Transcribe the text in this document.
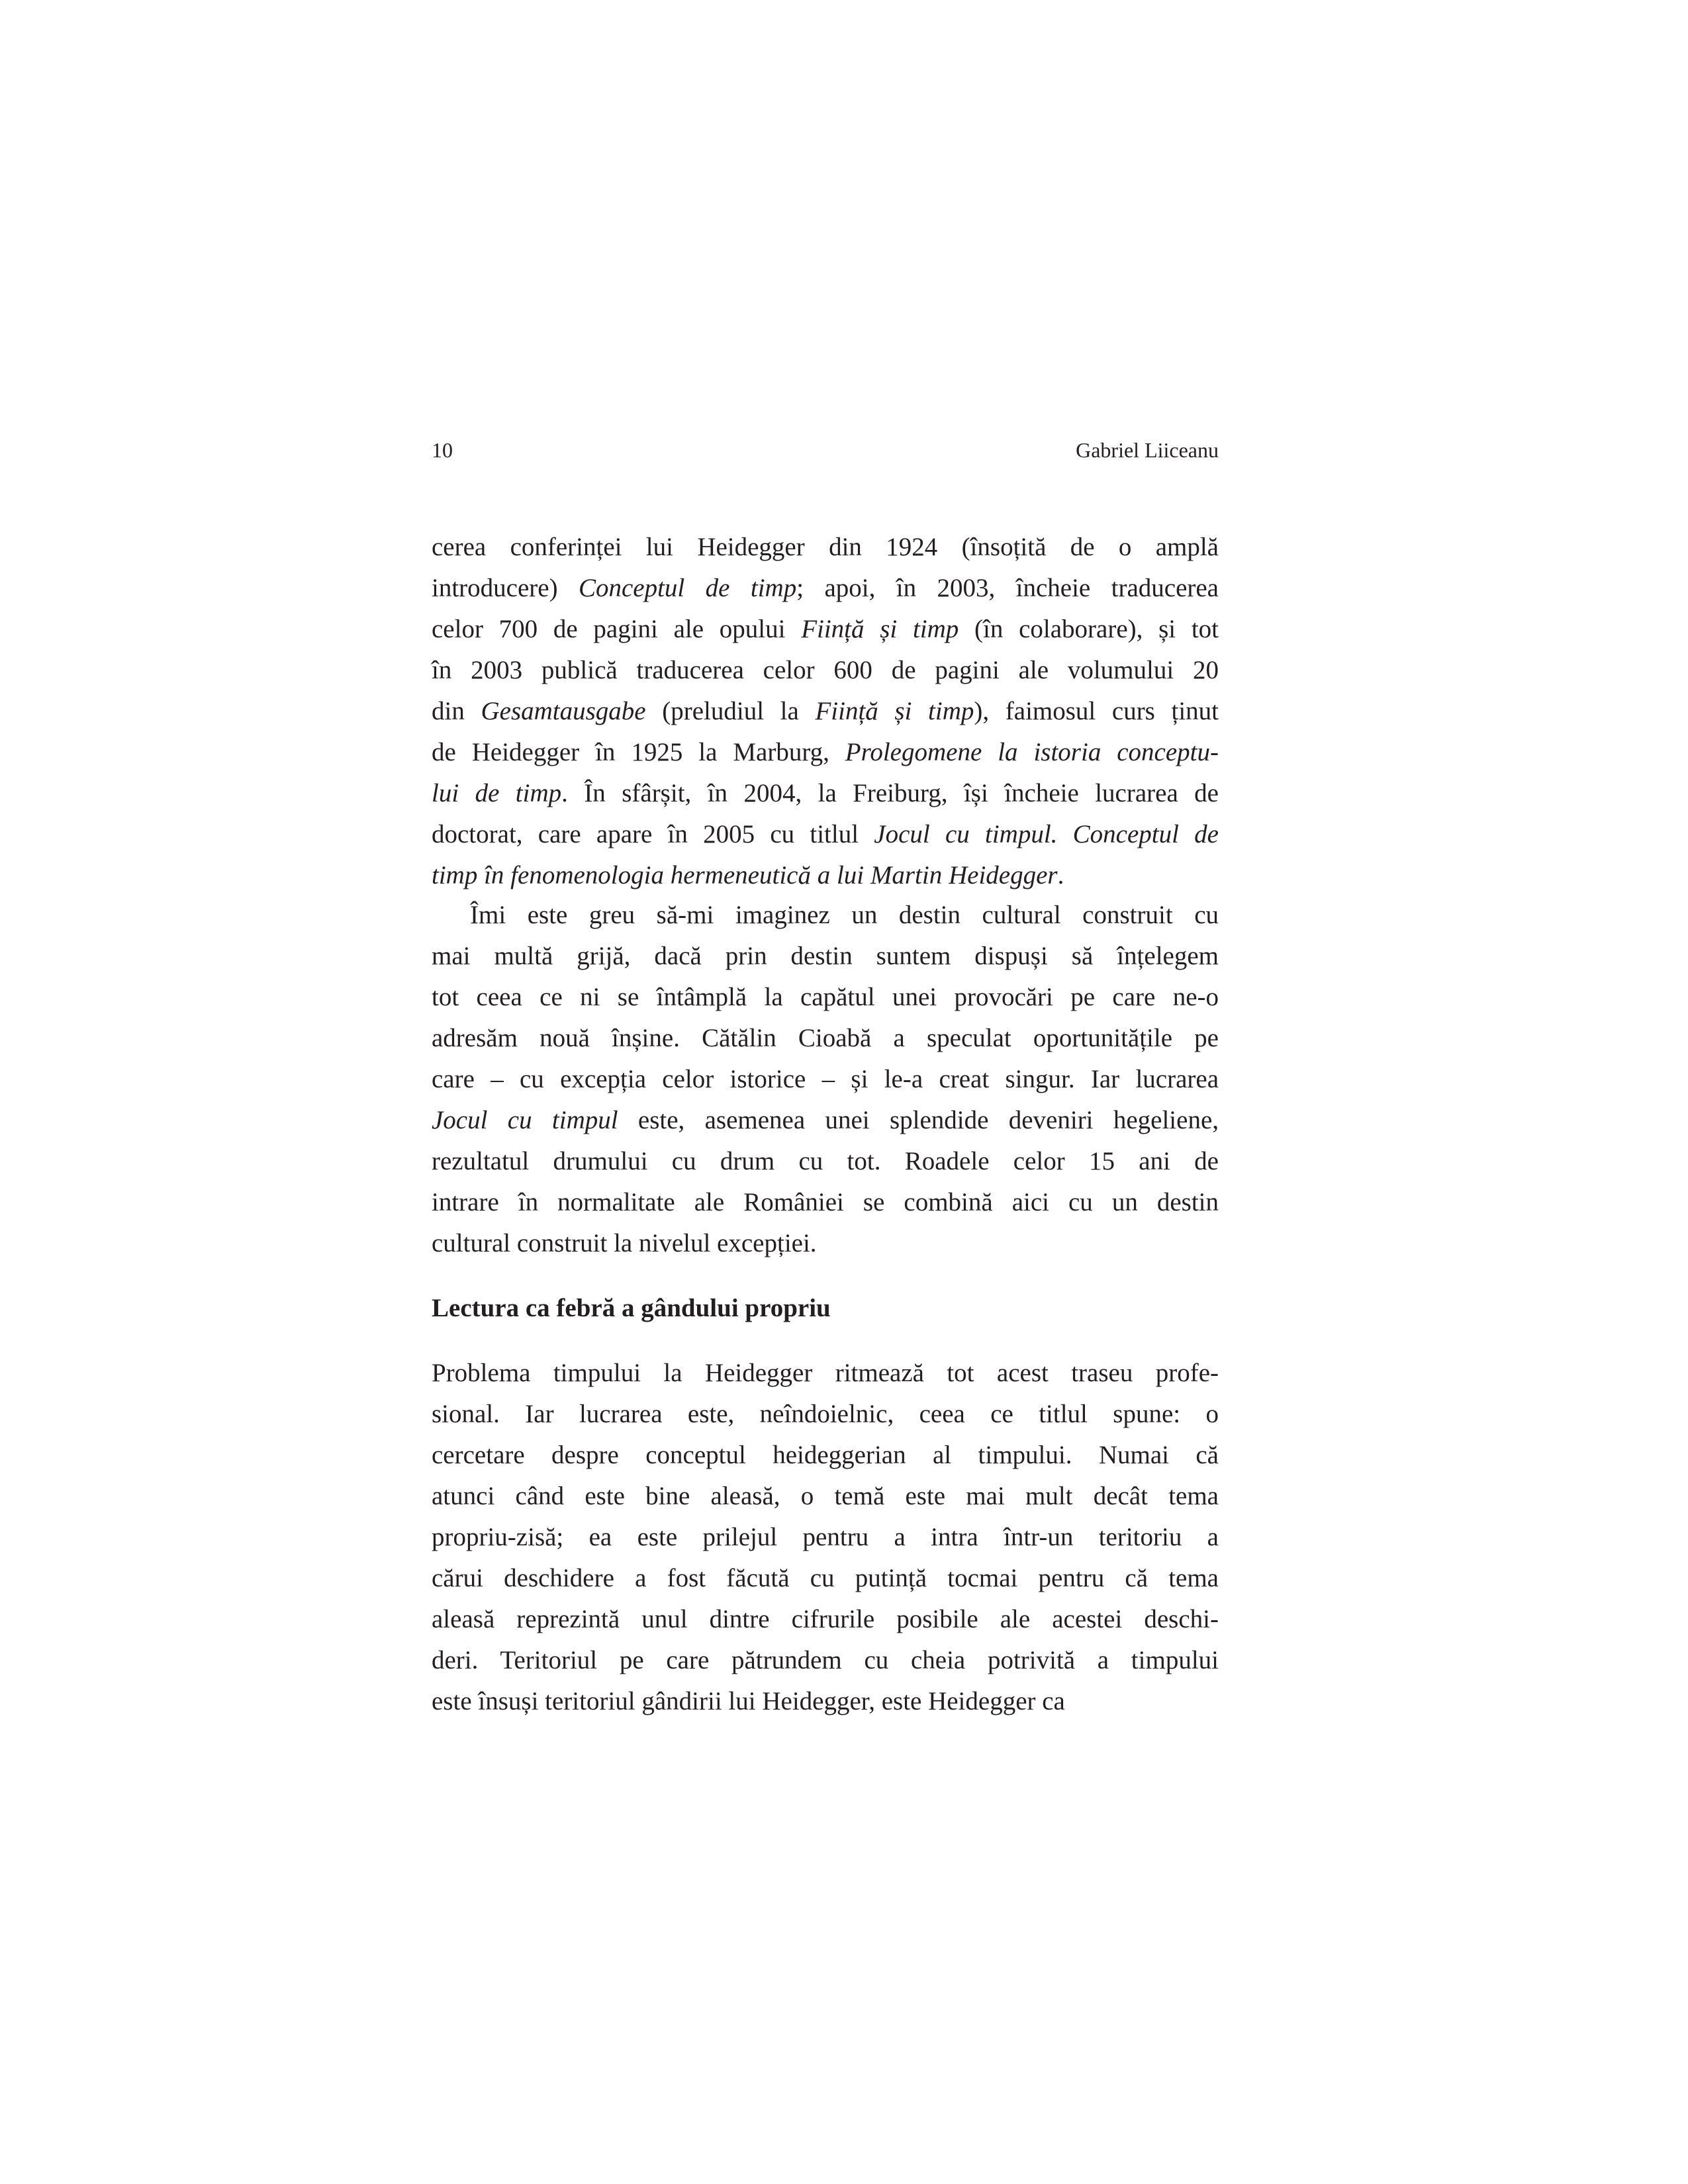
10	Gabriel Liiceanu
cerea conferinței lui Heidegger din 1924 (însoțită de o amplă
introducere) Conceptul de timp; apoi, în 2003, încheie traducerea
celor 700 de pagini ale opului Ființă și timp (în colaborare), și tot
în 2003 publică traducerea celor 600 de pagini ale volumului 20
din Gesamtausgabe (preludiul la Ființă și timp), faimosul curs ținut
de Heidegger în 1925 la Marburg, Prolegomene la istoria conceptu-
lui de timp. În sfârșit, în 2004, la Freiburg, își încheie lucrarea de
doctorat, care apare în 2005 cu titlul Jocul cu timpul. Conceptul de
timp în fenomenologia hermeneutică a lui Martin Heidegger.
Îmi este greu să-mi imaginez un destin cultural construit cu
mai multă grijă, dacă prin destin suntem dispuși să înțelegem
tot ceea ce ni se întâmplă la capătul unei provocări pe care ne-o
adresăm nouă înșine. Cătălin Cioabă a speculat oportunitățile pe
care – cu excepția celor istorice – și le-a creat singur. Iar lucrarea
Jocul cu timpul este, asemenea unei splendide deveniri hegeliene,
rezultatul drumului cu drum cu tot. Roadele celor 15 ani de
intrare în normalitate ale României se combină aici cu un destin
cultural construit la nivelul excepției.
Lectura ca febră a gândului propriu
Problema timpului la Heidegger ritmează tot acest traseu profe-
sional. Iar lucrarea este, neîndoielnic, ceea ce titlul spune: o
cercetare despre conceptul heideggerian al timpului. Numai că
atunci când este bine aleasă, o temă este mai mult decât tema
propriu-zisă; ea este prilejul pentru a intra într-un teritoriu a
cărui deschidere a fost făcută cu putință tocmai pentru că tema
aleasă reprezintă unul dintre cifrurile posibile ale acestei deschi-
deri. Teritoriul pe care pătrundem cu cheia potrivită a timpului
este însuși teritoriul gândirii lui Heidegger, este Heidegger ca
